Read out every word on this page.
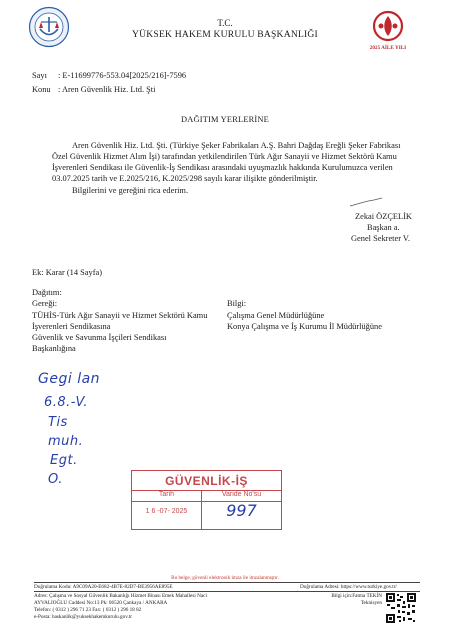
2025 AİLE YILI
T.C.
YÜKSEK HAKEM KURULU BAŞKANLIĞI
Sayı : E-11699776-553.04[2025/216]-7596
Konu : Aren Güvenlik Hiz. Ltd. Şti
DAĞITIM YERLERİNE
Aren Güvenlik Hiz. Ltd. Şti. (Türkiye Şeker Fabrikaları A.Ş. Bahri Dağdaş Ereğli Şeker Fabrikası
Özel Güvenlik Hizmet Alım İşi) tarafından yetkilendirilen Türk Ağır Sanayii ve Hizmet Sektörü Kamu
İşverenleri Sendikası ile Güvenlik-İş Sendikası arasındaki uyuşmazlık hakkında Kurulumuzca verilen
03.07.2025 tarih ve E.2025/216, K.2025/298 sayılı karar ilişikte gönderilmiştir.
Bilgilerini ve gereğini rica ederim.
Zekai ÖZÇELİK
Başkan a.
Genel Sekreter V.
Ek: Karar (14 Sayfa)
Dağıtım:
Gereği:
TÜHİS-Türk Ağır Sanayii ve Hizmet Sektörü Kamu
İşverenleri Sendikasına
Güvenlik ve Savunma İşçileri Sendikası
Başkanlığına
Bilgi:
Çalışma Genel Müdürlüğüne
Konya Çalışma ve İş Kurumu İl Müdürlüğüne
Gegi lan
6.8.-V.
Tis
muh.
Egt.
O.	GÜVENLİK-İŞ
Tarih	Varide No'su
1 6 -07- 2025	997
Bu belge, güvenli elektronik imza ile imzalanmıştır.
Doğrulama Kodu: A9C09A20-E682-4B7E-82D7-BE3956AE895E	Doğrulama Adresi: https://www.turkiye.gov.tr/
Adres: Çalışma ve Sosyal Güvenlik Bakanlığı Hizmet Binası Emek Mahallesi Naci
AYVALIOĞLU Caddesi No:13 Pk: 06520 Çankaya / ANKARA
Telefon: ( 0312 ) 296 71 23 Fax: ( 0312 ) 296 18 82
e-Posta: baskanlik@yuksekhakemkurulu.gov.tr
Bilgi için:Fatma TEKİN
Teknisyen
